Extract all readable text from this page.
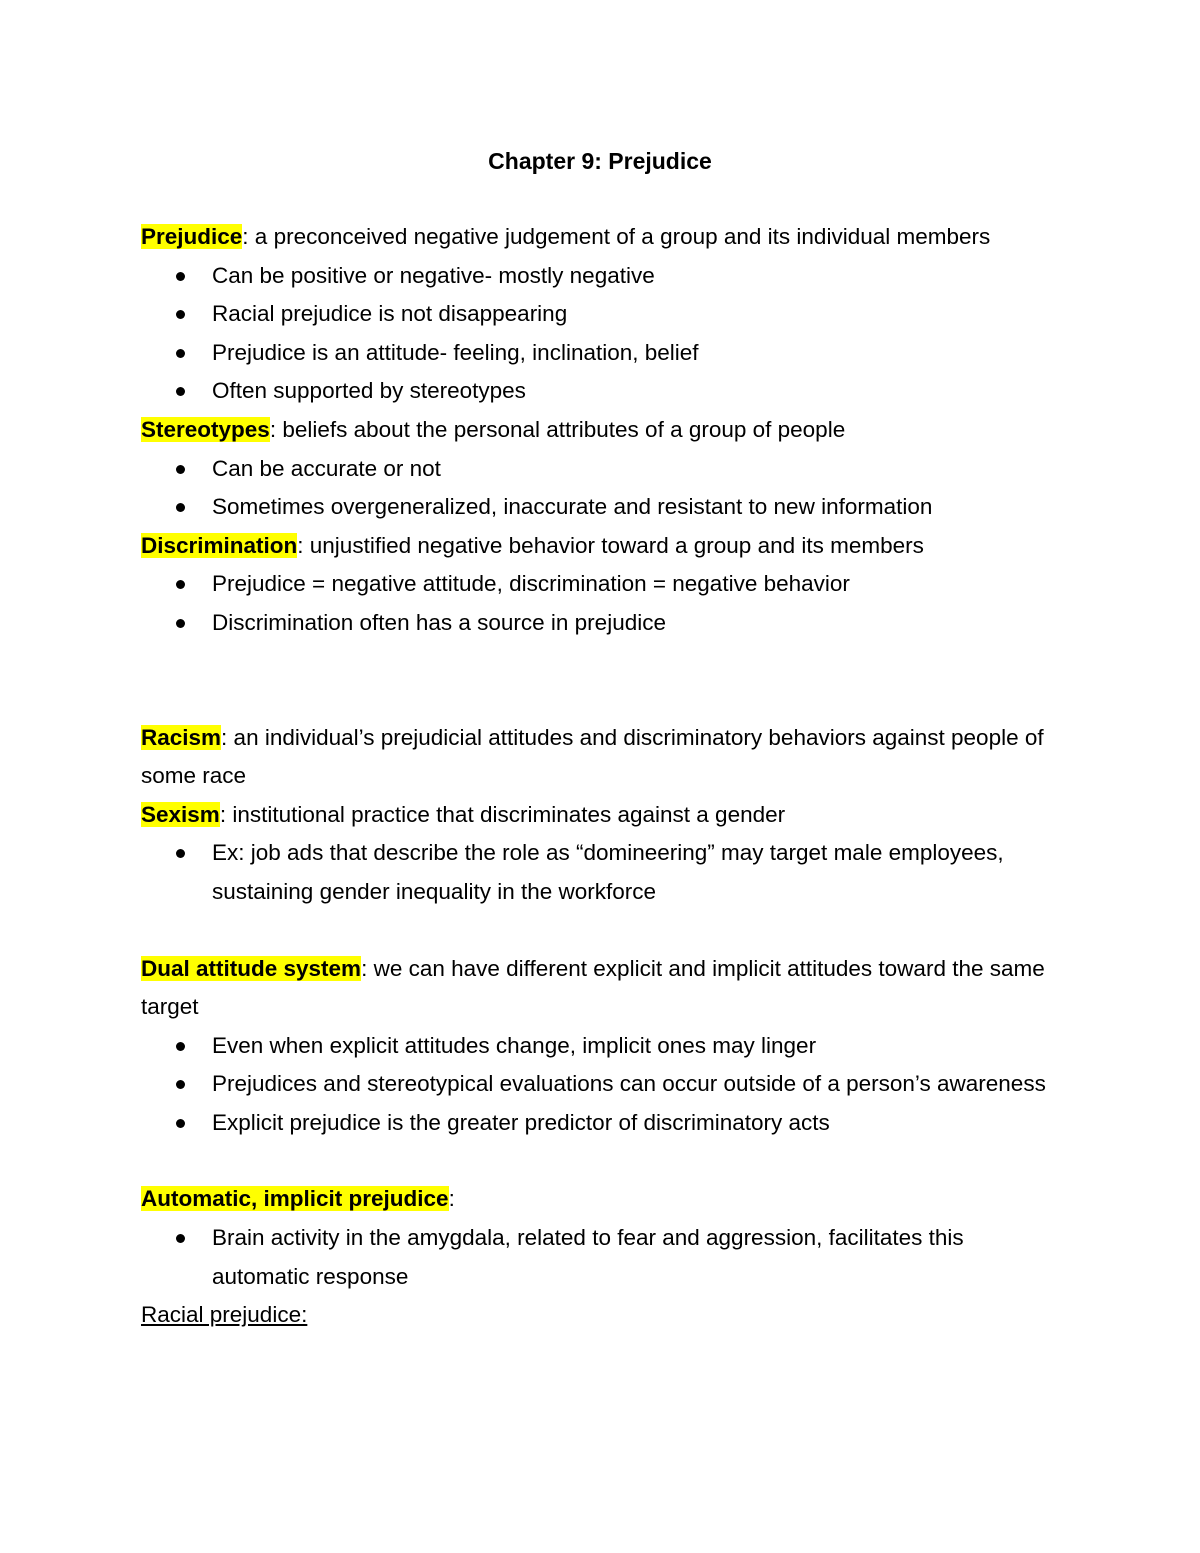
Chapter 9: Prejudice

Prejudice: a preconceived negative judgement of a group and its individual members

Can be positive or negative- mostly negative
Racial prejudice is not disappearing
Prejudice is an attitude- feeling, inclination, belief
Often supported by stereotypes

Stereotypes: beliefs about the personal attributes of a group of people

Can be accurate or not
Sometimes overgeneralized, inaccurate and resistant to new information

Discrimination: unjustified negative behavior toward a group and its members

Prejudice = negative attitude, discrimination = negative behavior
Discrimination often has a source in prejudice

Racism: an individual’s prejudicial attitudes and discriminatory behaviors against people of some race

Sexism: institutional practice that discriminates against a gender

Ex: job ads that describe the role as “domineering” may target male employees, sustaining gender inequality in the workforce

Dual attitude system: we can have different explicit and implicit attitudes toward the same target

Even when explicit attitudes change, implicit ones may linger
Prejudices and stereotypical evaluations can occur outside of a person’s awareness
Explicit prejudice is the greater predictor of discriminatory acts

Automatic, implicit prejudice:

Brain activity in the amygdala, related to fear and aggression, facilitates this automatic response

Racial prejudice:
